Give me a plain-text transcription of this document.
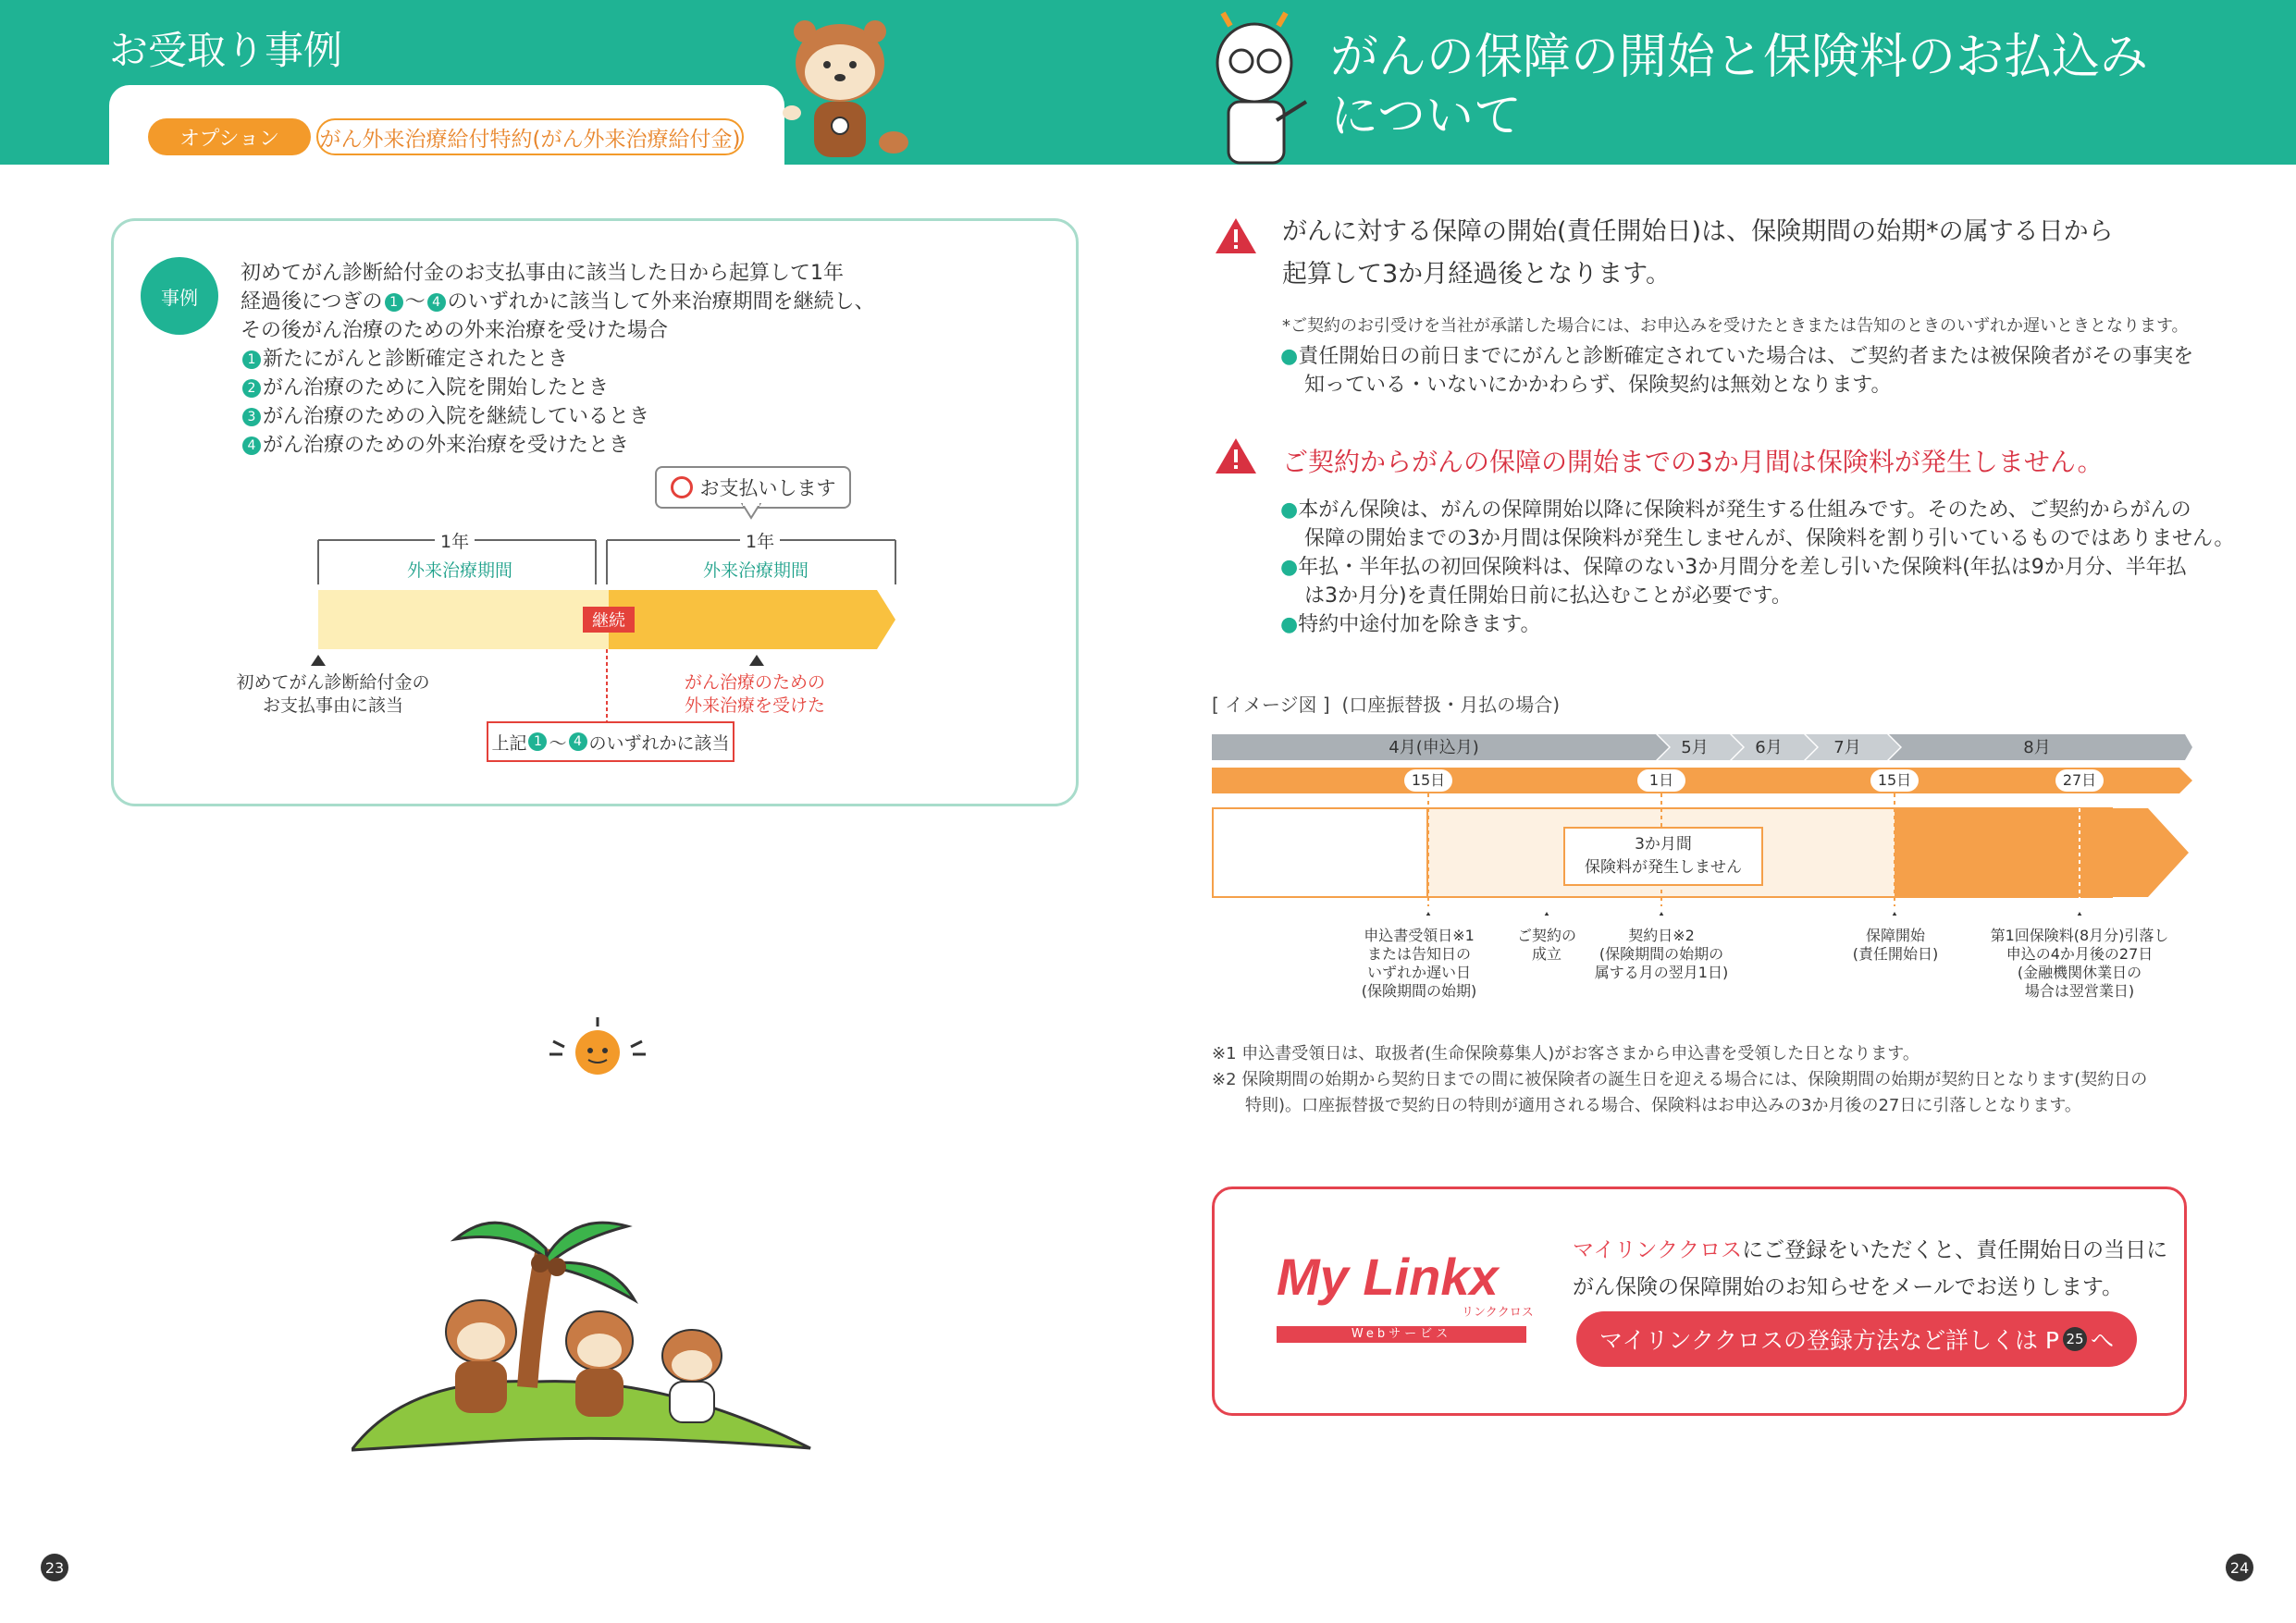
お受取り事例
オプション	がん外来治療給付特約(がん外来治療給付金)
事例
初めてがん診断給付金のお支払事由に該当した日から起算して1年
経過後につぎの 1 〜 4 のいずれかに該当して外来治療期間を継続し、
その後がん治療のための外来治療を受けた場合
1 新たにがんと診断確定されたとき
2 がん治療のために入院を開始したとき
3 がん治療のための入院を継続しているとき
4 がん治療のための外来治療を受けたとき
お支払いします
1年	1年
外来治療期間	外来治療期間
継続
初めてがん診断給付金の
お支払事由に該当
がん治療のための
外来治療を受けた
上記 1 〜 4 のいずれかに該当
23
がんの保障の開始と保険料のお払込み
について
がんに対する保障の開始(責任開始日)は、保険期間の始期*の属する日から
起算して3か月経過後となります。
*ご契約のお引受けを当社が承諾した場合には、お申込みを受けたときまたは告知のときのいずれか遅いときとなります。
●責任開始日の前日までにがんと診断確定されていた場合は、ご契約者または被保険者がその事実を
知っている・いないにかかわらず、保険契約は無効となります。
ご契約からがんの保障の開始までの3か月間は保険料が発生しません。
●本がん保険は、がんの保障開始以降に保険料が発生する仕組みです。そのため、ご契約からがんの
保障の開始までの3か月間は保険料が発生しませんが、保険料を割り引いているものではありません。
●年払・半年払の初回保険料は、保障のない3か月間分を差し引いた保険料(年払は9か月分、半年払
は3か月分)を責任開始日前に払込むことが必要です。
●特約中途付加を除きます。
[ イメージ図 ] (口座振替扱・月払の場合)
4月(申込月)	5月	6月	7月	8月
15日	1日	15日	27日
3か月間
保険料が発生しません
申込書受領日※1
または告知日の
いずれか遅い日
(保険期間の始期)
ご契約の
成立
契約日※2
(保険期間の始期の
属する月の翌月1日)
保障開始
(責任開始日)
第1回保険料(8月分)引落し
申込の4か月後の27日
(金融機関休業日の
場合は翌営業日)
※1 申込書受領日は、取扱者(生命保険募集人)がお客さまから申込書を受領した日となります。
※2 保険期間の始期から契約日までの間に被保険者の誕生日を迎える場合には、保険期間の始期が契約日となります(契約日の
特則)。口座振替扱で契約日の特則が適用される場合、保険料はお申込みの3か月後の27日に引落しとなります。
My Linkx
リンククロス
Webサービス
マイリンククロスにご登録をいただくと、責任開始日の当日に
がん保険の保障開始のお知らせをメールでお送りします。
マイリンククロスの登録方法など詳しくは P 25 へ
24
